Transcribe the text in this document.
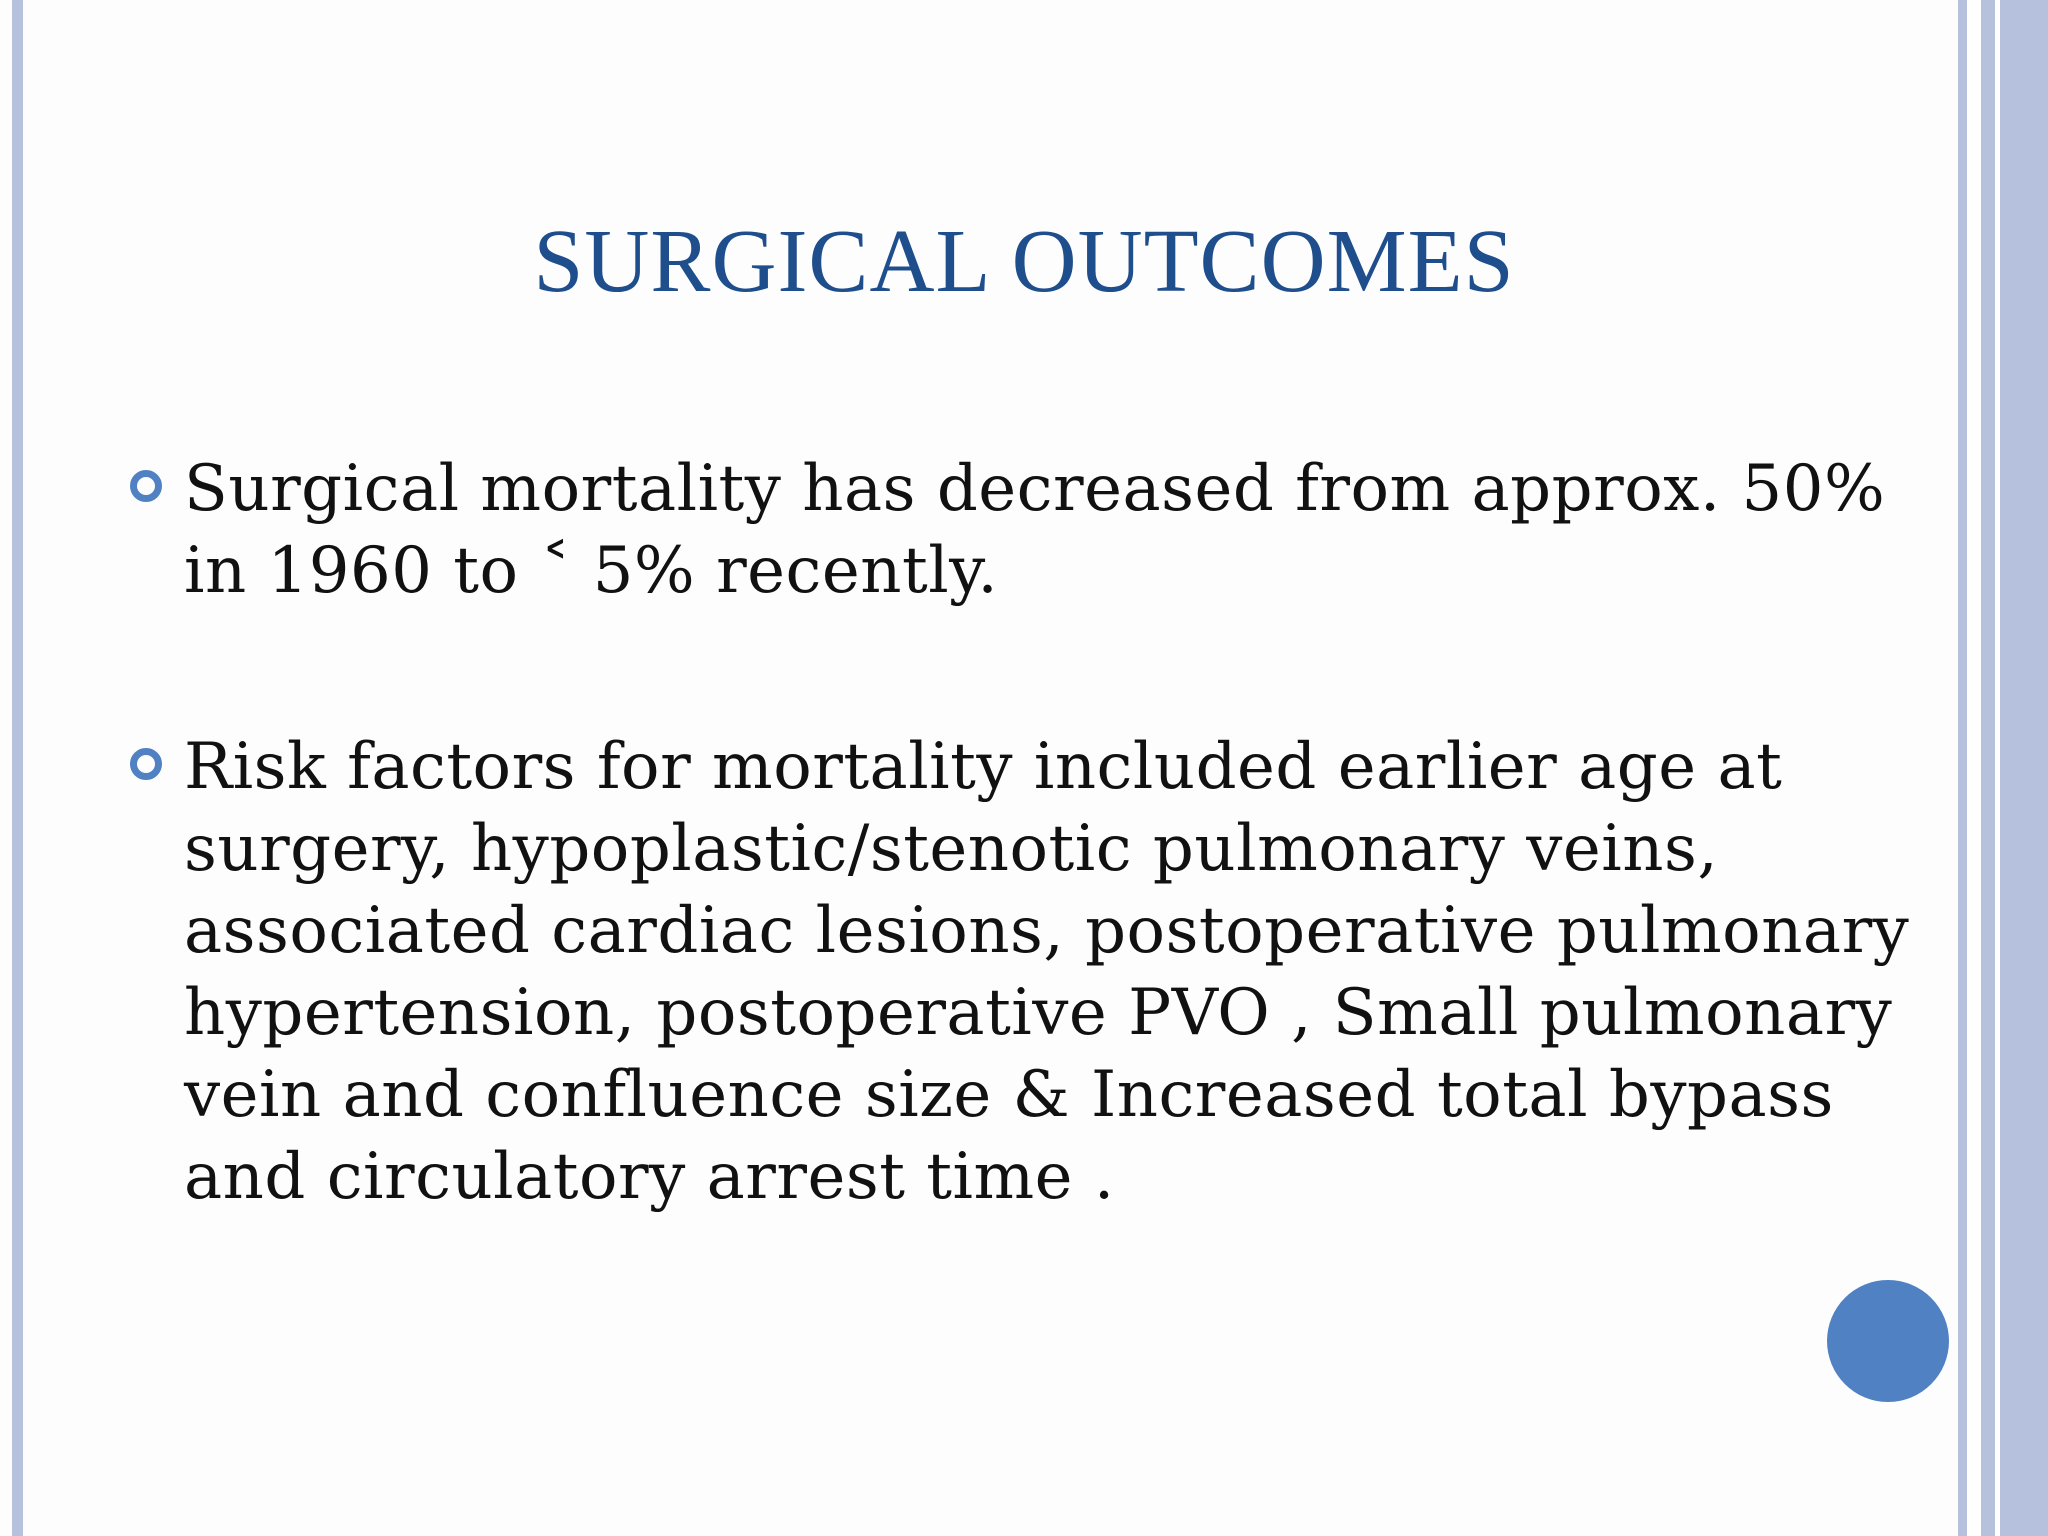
SURGICAL OUTCOMES
Surgical mortality has decreased from approx. 50% in 1960 to ˂ 5% recently.
Risk factors for mortality included earlier age at surgery, hypoplastic/stenotic pulmonary veins, associated cardiac lesions, postoperative pulmonary hypertension, postoperative PVO , Small pulmonary vein and confluence size & Increased total bypass and circulatory arrest time .
